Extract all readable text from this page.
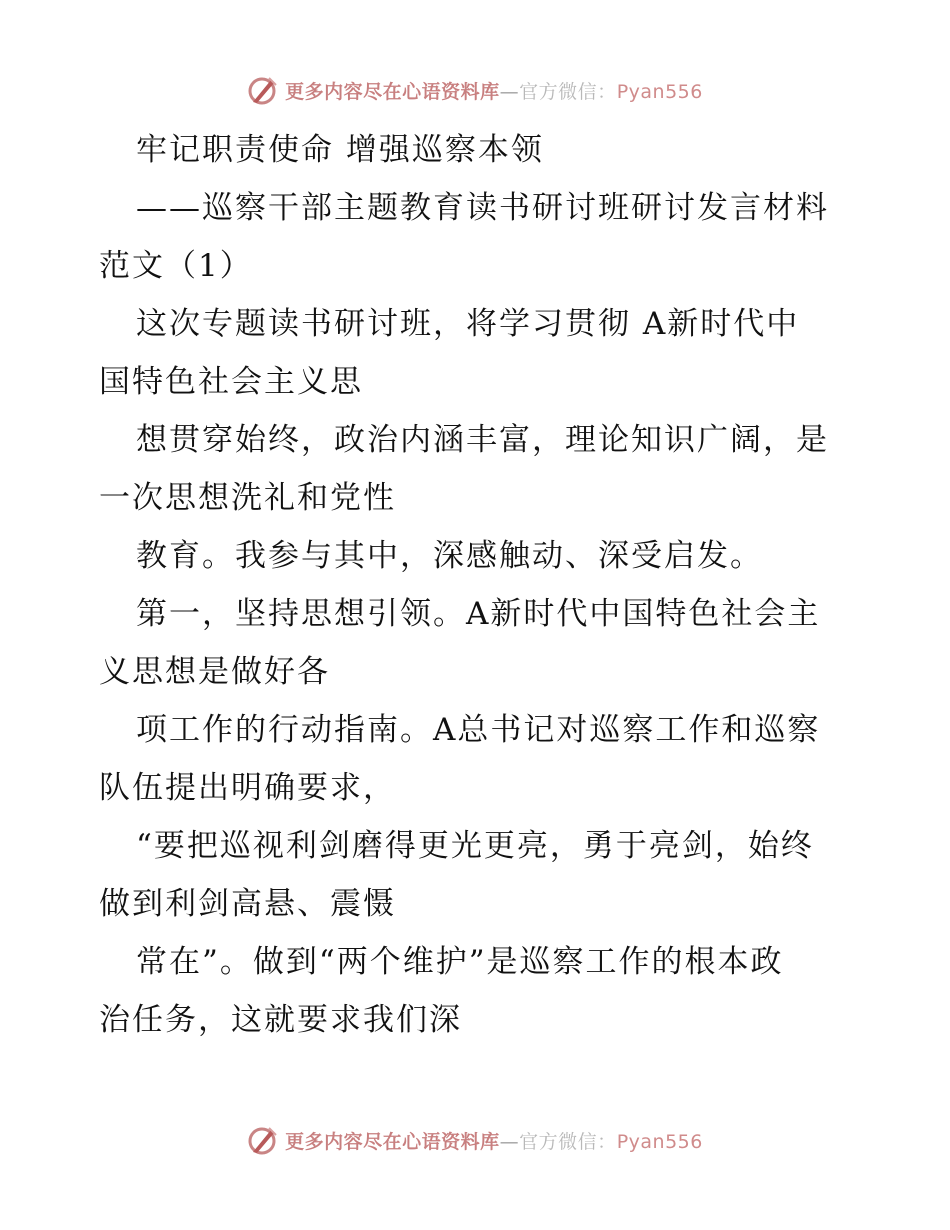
更多内容尽在心语资料库—官方微信：Pyan556
牢记职责使命 增强巡察本领
——巡察干部主题教育读书研讨班研讨发言材料
范文（1）
这次专题读书研讨班，将学习贯彻 A新时代中
国特色社会主义思
想贯穿始终，政治内涵丰富，理论知识广阔，是
一次思想洗礼和党性
教育。我参与其中，深感触动、深受启发。
第一，坚持思想引领。A新时代中国特色社会主
义思想是做好各
项工作的行动指南。A总书记对巡察工作和巡察
队伍提出明确要求，
“要把巡视利剑磨得更光更亮，勇于亮剑，始终
做到利剑高悬、震慑
常在”。做到“两个维护”是巡察工作的根本政
治任务，这就要求我们深
更多内容尽在心语资料库—官方微信：Pyan556
